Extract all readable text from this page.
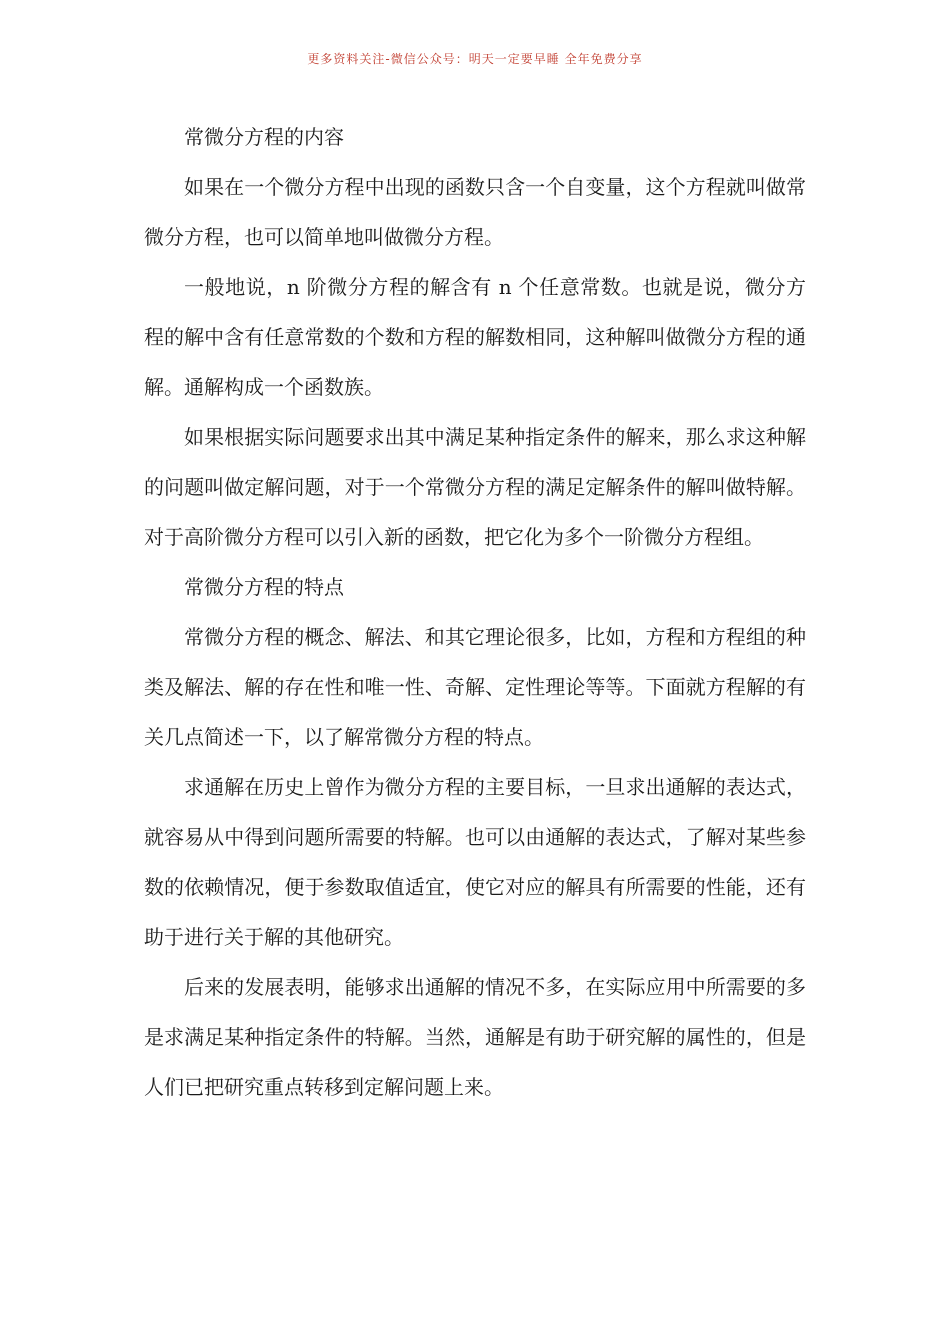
更多资料关注-微信公众号：明天一定要早睡 全年免费分享

常微分方程的内容

如果在一个微分方程中出现的函数只含一个自变量，这个方程就叫做常微分方程，也可以简单地叫做微分方程。

一般地说，n 阶微分方程的解含有 n 个任意常数。也就是说，微分方程的解中含有任意常数的个数和方程的解数相同，这种解叫做微分方程的通解。通解构成一个函数族。

如果根据实际问题要求出其中满足某种指定条件的解来，那么求这种解的问题叫做定解问题，对于一个常微分方程的满足定解条件的解叫做特解。对于高阶微分方程可以引入新的函数，把它化为多个一阶微分方程组。

常微分方程的特点

常微分方程的概念、解法、和其它理论很多，比如，方程和方程组的种类及解法、解的存在性和唯一性、奇解、定性理论等等。下面就方程解的有关几点简述一下，以了解常微分方程的特点。

求通解在历史上曾作为微分方程的主要目标，一旦求出通解的表达式，就容易从中得到问题所需要的特解。也可以由通解的表达式，了解对某些参数的依赖情况，便于参数取值适宜，使它对应的解具有所需要的性能，还有助于进行关于解的其他研究。

后来的发展表明，能够求出通解的情况不多，在实际应用中所需要的多是求满足某种指定条件的特解。当然，通解是有助于研究解的属性的，但是人们已把研究重点转移到定解问题上来。
